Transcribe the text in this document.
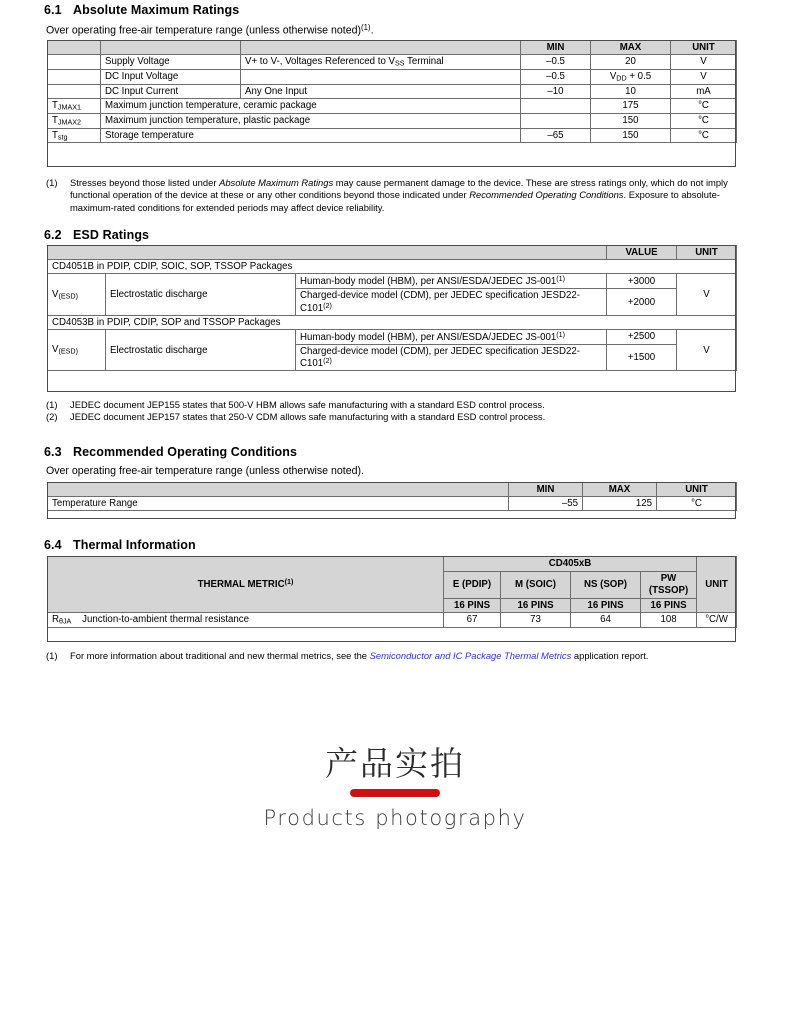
6.1 Absolute Maximum Ratings
Over operating free-air temperature range (unless otherwise noted)$^{(1)}$.
			MIN	MAX	UNIT
	Supply Voltage	V+ to V-, Voltages Referenced to $V_{SS}$ Terminal	–0.5	20	V
	DC Input Voltage		–0.5	$V_{DD} + 0.5$	V
	DC Input Current	Any One Input	–10	10	mA
$T_{JMAX1}$	Maximum junction temperature, ceramic package			175	°C
$T_{JMAX2}$	Maximum junction temperature, plastic package			150	°C
$T_{stg}$	Storage temperature		–65	150	°C
(1)	Stresses beyond those listed under Absolute Maximum Ratings may cause permanent damage to the device. These are stress ratings only, which do not imply functional operation of the device at these or any other conditions beyond those indicated under Recommended Operating Conditions. Exposure to absolute-maximum-rated conditions for extended periods may affect device reliability.
6.2 ESD Ratings
			VALUE	UNIT
CD4051B in PDIP, CDIP, SOIC, SOP, TSSOP Packages				
$V_{(ESD)}$	Electrostatic discharge	Human-body model (HBM), per ANSI/ESDA/JEDEC $JS-001^{(1)}$	+3000	V
		Charged-device model (CDM), per JEDEC specification $JESD22-C101^{(2)}$	+2000	
CD4053B in PDIP, CDIP, SOP and TSSOP Packages				
$V_{(ESD)}$	Electrostatic discharge	Human-body model (HBM), per ANSI/ESDA/JEDEC $JS-001^{(1)}$	+2500	V
		Charged-device model (CDM), per JEDEC specification $JESD22-C101^{(2)}$	+1500	
(1)	JEDEC document JEP155 states that 500-V HBM allows safe manufacturing with a standard ESD control process.
(2)	JEDEC document JEP157 states that 250-V CDM allows safe manufacturing with a standard ESD control process.
6.3 Recommended Operating Conditions
Over operating free-air temperature range (unless otherwise noted).
	MIN	MAX	UNIT
Temperature Range	–55	125	°C
6.4 Thermal Information
THERMAL METRIC$^{(1)}$	CD405xB				UNIT
	E (PDIP)	M (SOIC)	NS (SOP)	PW
(TSSOP)	
	16 PINS	16 PINS	16 PINS	16 PINS	
$R_{\theta JA}$ Junction-to-ambient thermal resistance	67	73	64	108	°C/W
(1)	For more information about traditional and new thermal metrics, see the Semiconductor and IC Package Thermal Metrics application report.
产品实拍
Products photography
